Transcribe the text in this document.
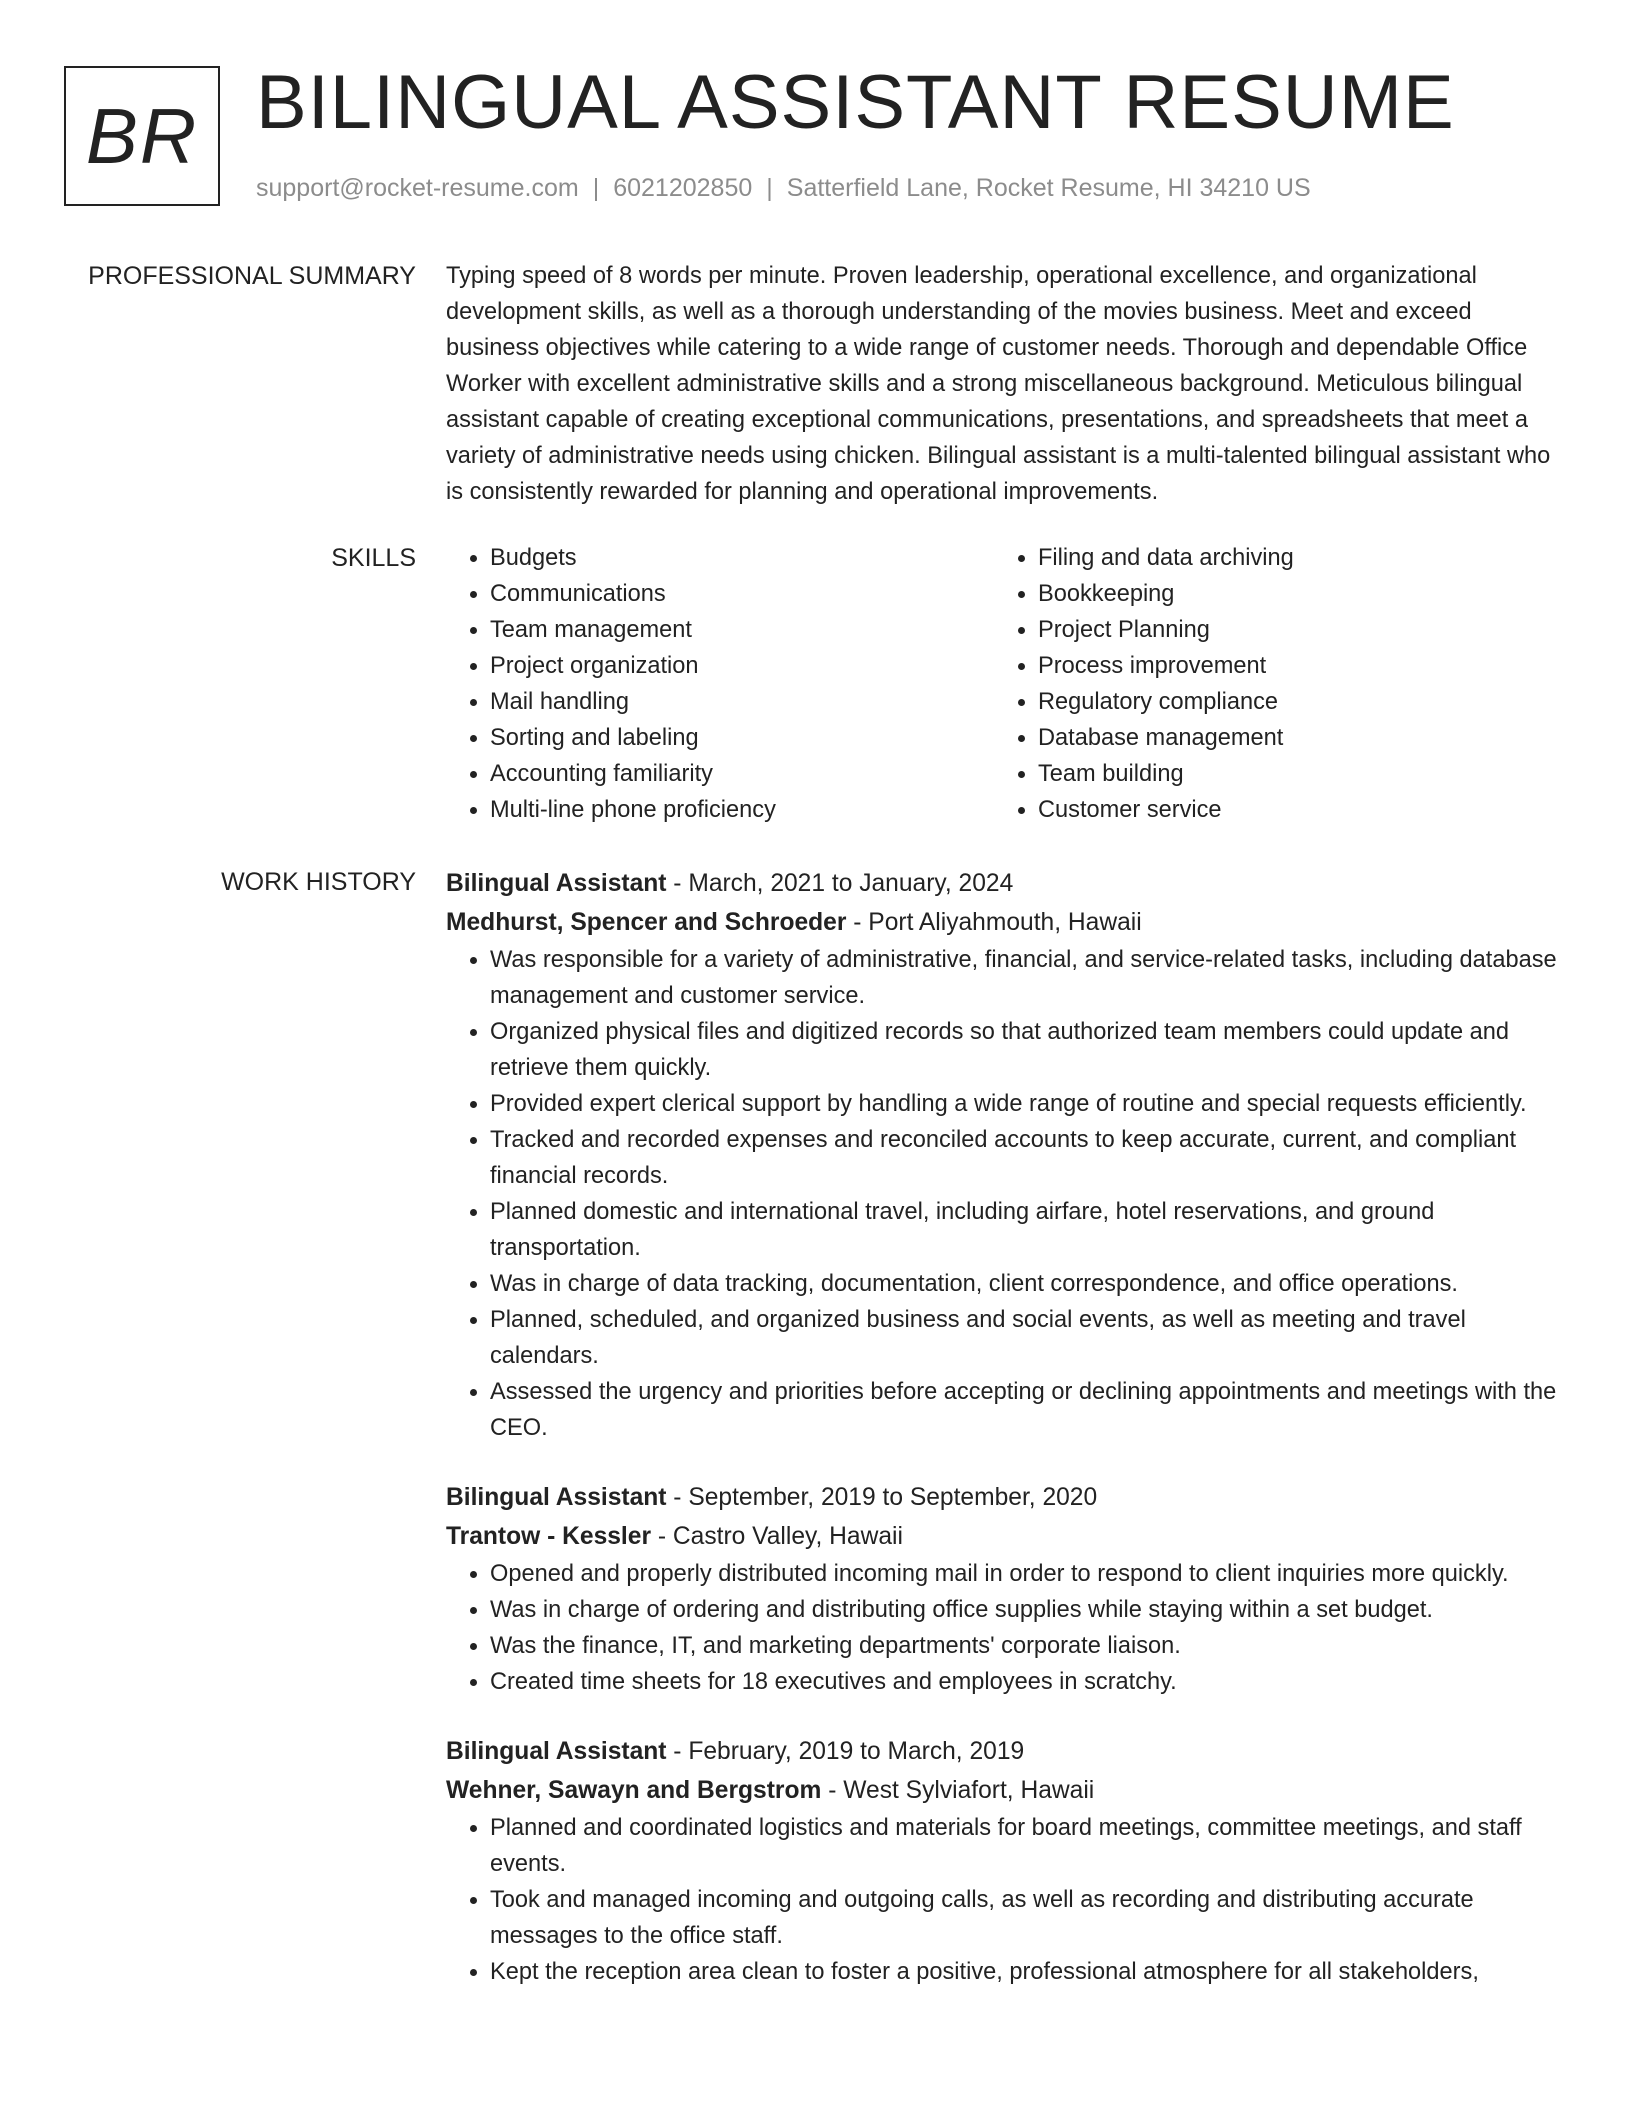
BR BILINGUAL ASSISTANT RESUME
support@rocket-resume.com | 6021202850 | Satterfield Lane, Rocket Resume, HI 34210 US
PROFESSIONAL SUMMARY Typing speed of 8 words per minute. Proven leadership, operational excellence, and organizational development skills, as well as a thorough understanding of the movies business. Meet and exceed business objectives while catering to a wide range of customer needs. Thorough and dependable Office Worker with excellent administrative skills and a strong miscellaneous background. Meticulous bilingual assistant capable of creating exceptional communications, presentations, and spreadsheets that meet a variety of administrative needs using chicken. Bilingual assistant is a multi-talented bilingual assistant who is consistently rewarded for planning and operational improvements.
SKILLS
•	Budgets
• Communications
• Team management
• Project organization
• Mail handling
• Sorting and labeling
• Accounting familiarity
• Multi-line phone proficiency
• Filing and data archiving
• Bookkeeping
• Project Planning
• Process improvement
• Regulatory compliance
• Database management
• Team building
• Customer service
WORK HISTORY Bilingual Assistant - March, 2021 to January, 2024
Medhurst, Spencer and Schroeder - Port Aliyahmouth, Hawaii
• Was responsible for a variety of administrative, financial, and service-related tasks, including database management and customer service.
• Organized physical files and digitized records so that authorized team members could update and retrieve them quickly.
• Provided expert clerical support by handling a wide range of routine and special requests efficiently.
• Tracked and recorded expenses and reconciled accounts to keep accurate, current, and compliant financial records.
• Planned domestic and international travel, including airfare, hotel reservations, and ground transportation.
• Was in charge of data tracking, documentation, client correspondence, and office operations.
• Planned, scheduled, and organized business and social events, as well as meeting and travel calendars.
• Assessed the urgency and priorities before accepting or declining appointments and meetings with the CEO.
Bilingual Assistant - September, 2019 to September, 2020
Trantow - Kessler - Castro Valley, Hawaii
• Opened and properly distributed incoming mail in order to respond to client inquiries more quickly.
• Was in charge of ordering and distributing office supplies while staying within a set budget.
• Was the finance, IT, and marketing departments' corporate liaison.
• Created time sheets for 18 executives and employees in scratchy.
Bilingual Assistant - February, 2019 to March, 2019
Wehner, Sawayn and Bergstrom - West Sylviafort, Hawaii
• Planned and coordinated logistics and materials for board meetings, committee meetings, and staff events.
• Took and managed incoming and outgoing calls, as well as recording and distributing accurate messages to the office staff.
• Kept the reception area clean to foster a positive, professional atmosphere for all stakeholders,
